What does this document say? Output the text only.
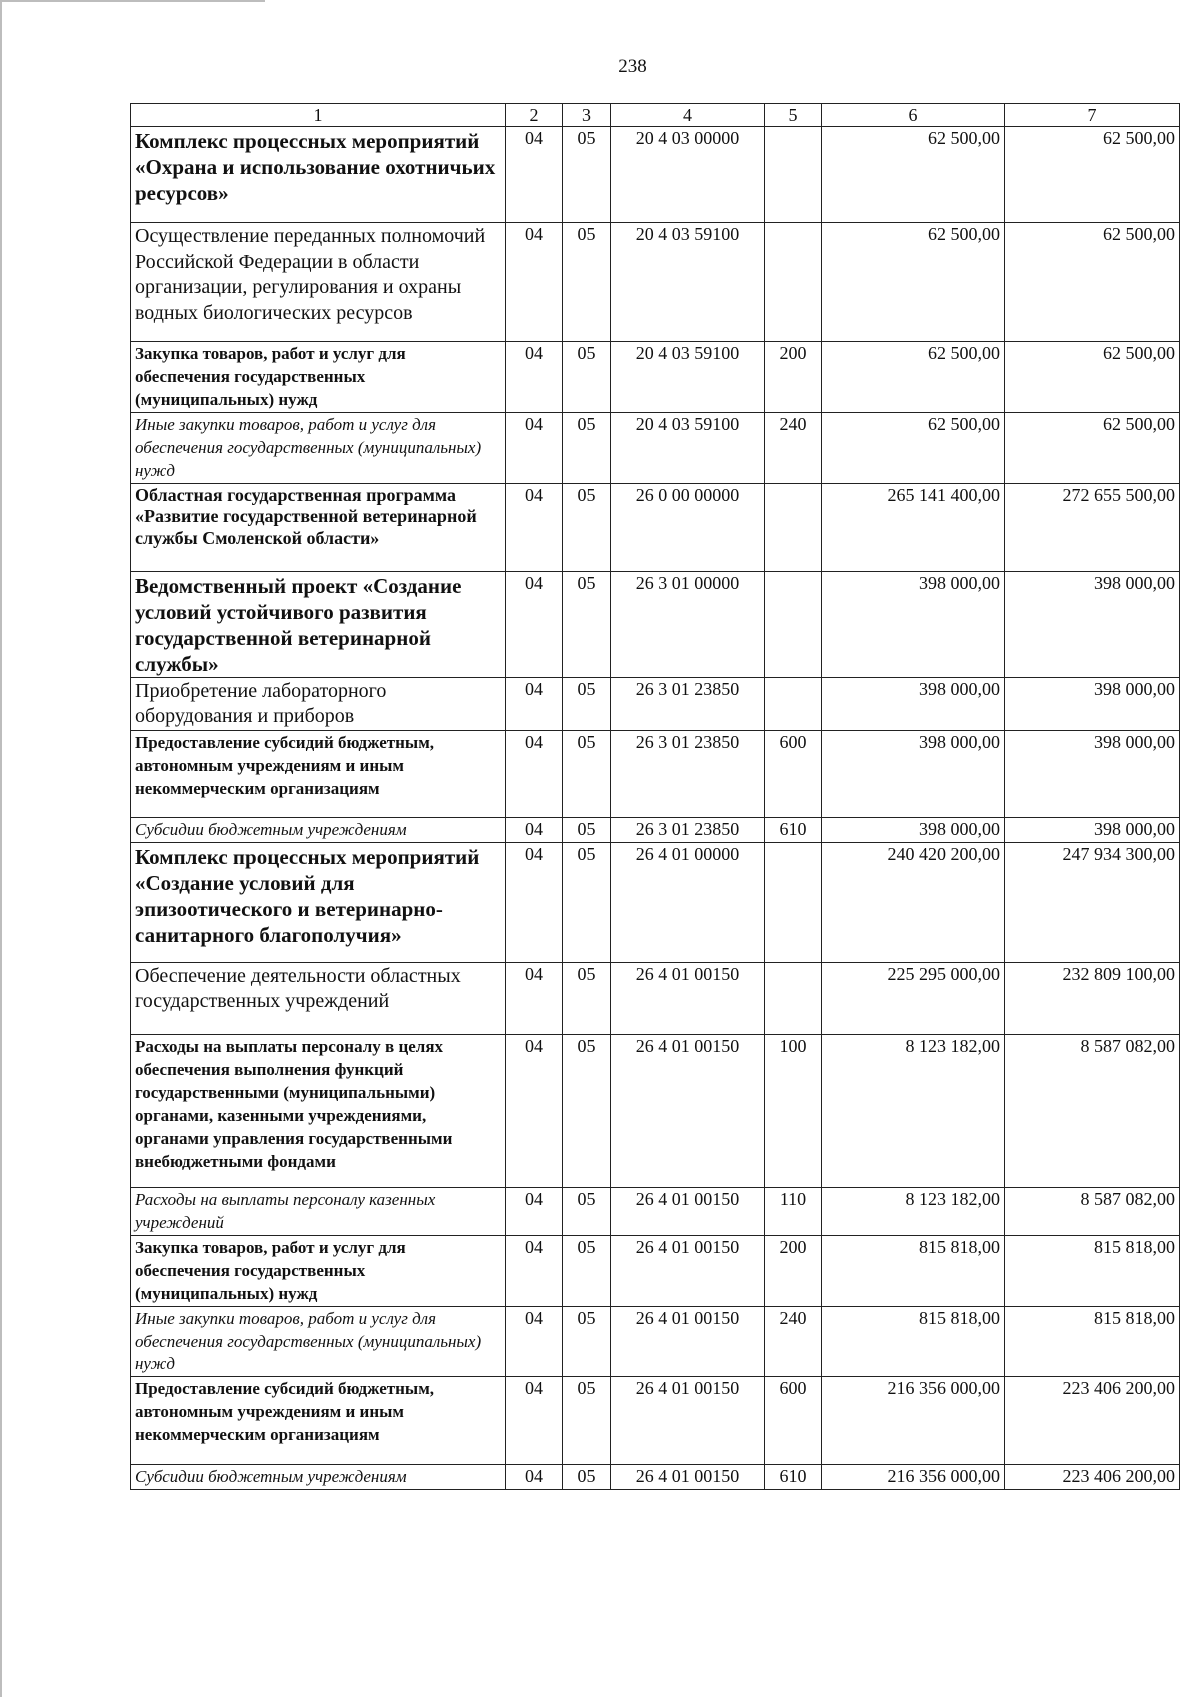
238
1	2	3	4	5	6	7
Комплекс процессных мероприятий «Охрана и использование охотничьих ресурсов»	04	05	20 4 03 00000		62 500,00	62 500,00
Осуществление переданных полномочий Российской Федерации в области организации, регулирования и охраны водных биологических ресурсов	04	05	20 4 03 59100		62 500,00	62 500,00
Закупка товаров, работ и услуг для обеспечения государственных (муниципальных) нужд	04	05	20 4 03 59100	200	62 500,00	62 500,00
Иные закупки товаров, работ и услуг для обеспечения государственных (муниципальных) нужд	04	05	20 4 03 59100	240	62 500,00	62 500,00
Областная государственная программа «Развитие государственной ветеринарной службы Смоленской области»	04	05	26 0 00 00000		265 141 400,00	272 655 500,00
Ведомственный проект «Создание условий устойчивого развития государственной ветеринарной службы»	04	05	26 3 01 00000		398 000,00	398 000,00
Приобретение лабораторного оборудования и приборов	04	05	26 3 01 23850		398 000,00	398 000,00
Предоставление субсидий бюджетным, автономным учреждениям и иным некоммерческим организациям	04	05	26 3 01 23850	600	398 000,00	398 000,00
Субсидии бюджетным учреждениям	04	05	26 3 01 23850	610	398 000,00	398 000,00
Комплекс процессных мероприятий «Создание условий для эпизоотического и ветеринарно-санитарного благополучия»	04	05	26 4 01 00000		240 420 200,00	247 934 300,00
Обеспечение деятельности областных государственных учреждений	04	05	26 4 01 00150		225 295 000,00	232 809 100,00
Расходы на выплаты персоналу в целях обеспечения выполнения функций государственными (муниципальными) органами, казенными учреждениями, органами управления государственными внебюджетными фондами	04	05	26 4 01 00150	100	8 123 182,00	8 587 082,00
Расходы на выплаты персоналу казенных учреждений	04	05	26 4 01 00150	110	8 123 182,00	8 587 082,00
Закупка товаров, работ и услуг для обеспечения государственных (муниципальных) нужд	04	05	26 4 01 00150	200	815 818,00	815 818,00
Иные закупки товаров, работ и услуг для обеспечения государственных (муниципальных) нужд	04	05	26 4 01 00150	240	815 818,00	815 818,00
Предоставление субсидий бюджетным, автономным учреждениям и иным некоммерческим организациям	04	05	26 4 01 00150	600	216 356 000,00	223 406 200,00
Субсидии бюджетным учреждениям	04	05	26 4 01 00150	610	216 356 000,00	223 406 200,00
